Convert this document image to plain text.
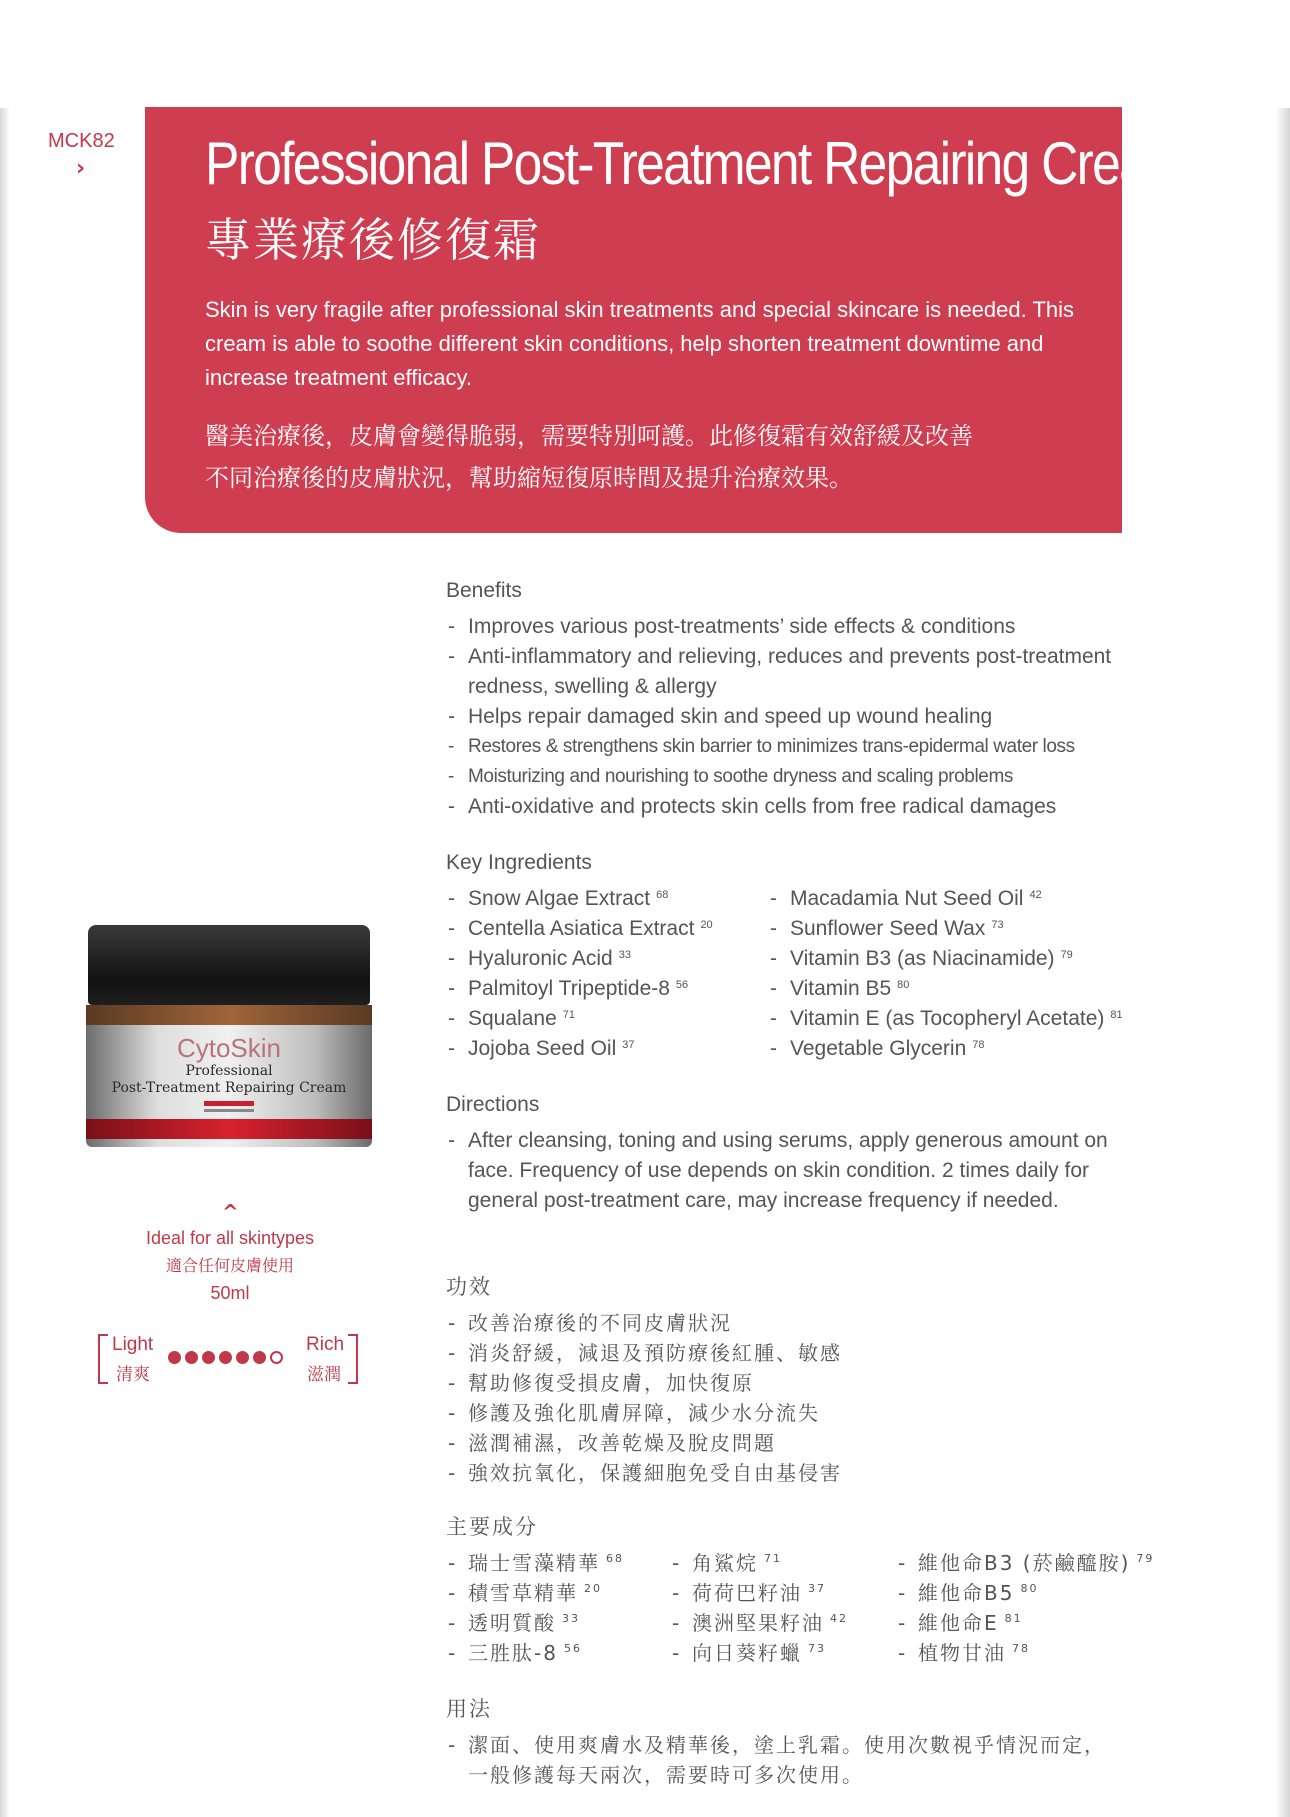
MCK82
› Professional Post-Treatment Repairing Cream
專業療後修復霜
Skin is very fragile after professional skin treatments and special skincare is needed. This cream is able to soothe different skin conditions, help shorten treatment downtime and increase treatment efficacy.
醫美治療後，皮膚會變得脆弱，需要特別呵護。此修復霜有效舒緩及改善
不同治療後的皮膚狀況，幫助縮短復原時間及提升治療效果。
CytoSkin
Professional
Post-Treatment Repairing Cream
^
Ideal for all skintypes
適合任何皮膚使用
50ml
Light
清爽
Rich
滋潤
Benefits
- Improves various post-treatments’ side effects & conditions
- Anti-inflammatory and relieving, reduces and prevents post-treatment redness, swelling & allergy
- Helps repair damaged skin and speed up wound healing
- Restores & strengthens skin barrier to minimizes trans-epidermal water loss
- Moisturizing and nourishing to soothe dryness and scaling problems
- Anti-oxidative and protects skin cells from free radical damages
Key Ingredients
- Snow Algae Extract $^{68}$
- Centella Asiatica Extract $^{20}$
- Hyaluronic Acid $^{33}$
- Palmitoyl Tripeptide-8 $^{56}$
- Squalane $^{71}$
- Jojoba Seed Oil $^{37}$
- Macadamia Nut Seed Oil $^{42}$
- Sunflower Seed Wax $^{73}$
- Vitamin B3 (as Niacinamide) $^{79}$
- Vitamin B5 $^{80}$
- Vitamin E (as Tocopheryl Acetate) $^{81}$
- Vegetable Glycerin $^{78}$
Directions
- After cleansing, toning and using serums, apply generous amount on face. Frequency of use depends on skin condition. 2 times daily for general post-treatment care, may increase frequency if needed.
功效
- 改善治療後的不同皮膚狀況
- 消炎舒緩，減退及預防療後紅腫、敏感
- 幫助修復受損皮膚，加快復原
- 修護及強化肌膚屏障，減少水分流失
- 滋潤補濕，改善乾燥及脫皮問題
- 強效抗氧化，保護細胞免受自由基侵害
主要成分
- 瑞士雪藻精華 $^{68}$
- 積雪草精華 $^{20}$
- 透明質酸 $^{33}$
- 三胜肽-8 $^{56}$
- 角鯊烷 $^{71}$
- 荷荷巴籽油 $^{37}$
- 澳洲堅果籽油 $^{42}$
- 向日葵籽蠟 $^{73}$
- 維他命B3 (菸鹼醯胺) $^{79}$
- 維他命B5 $^{80}$
- 維他命E $^{81}$
- 植物甘油 $^{78}$
用法
- 潔面、使用爽膚水及精華後，塗上乳霜。使用次數視乎情況而定，
一般修護每天兩次，需要時可多次使用。
